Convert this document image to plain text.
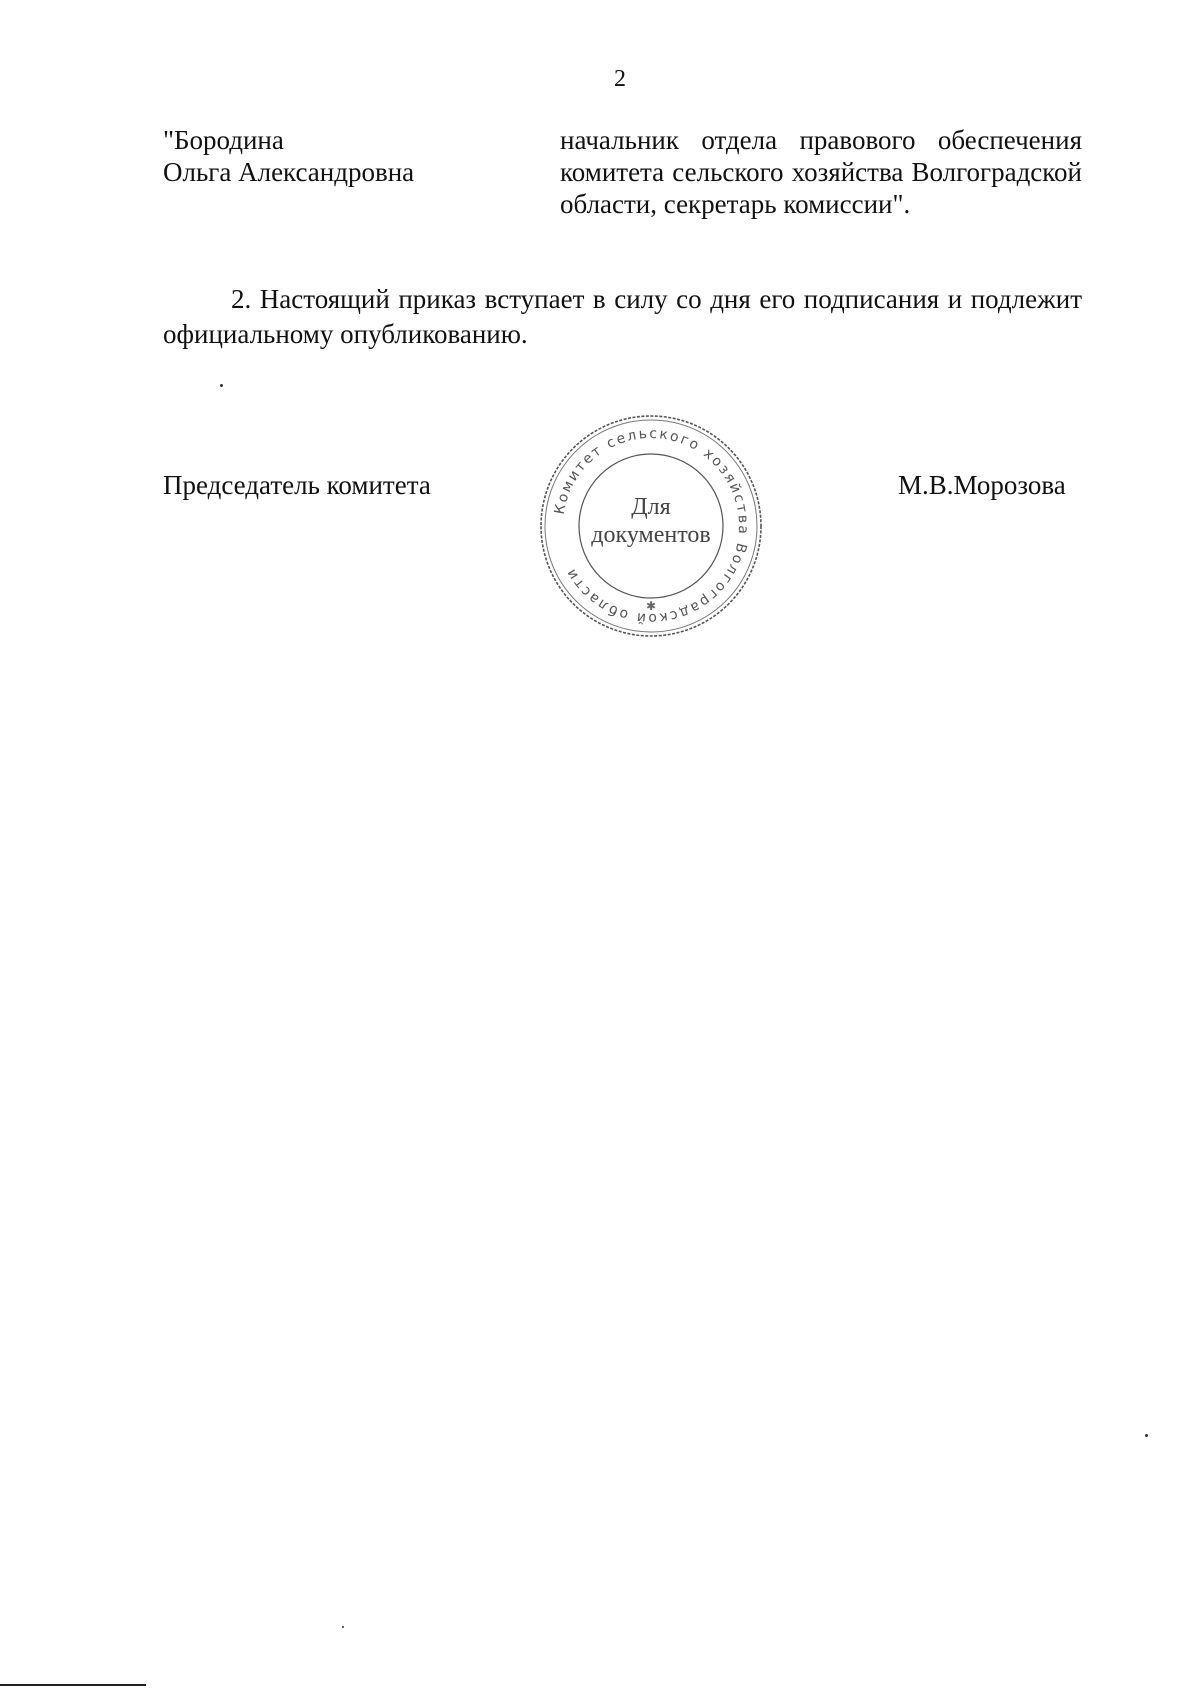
2
"Бородина
Ольга Александровна
начальник отдела правового обеспечения комитета сельского хозяйства Волгоградской области, секретарь комиссии".
2. Настоящий приказ вступает в силу со дня его подписания и подлежит официальному опубликованию.
Председатель комитета
Комитет сельского хозяйства Волгоградской области
✱
Для
документов
М.В.Морозова
